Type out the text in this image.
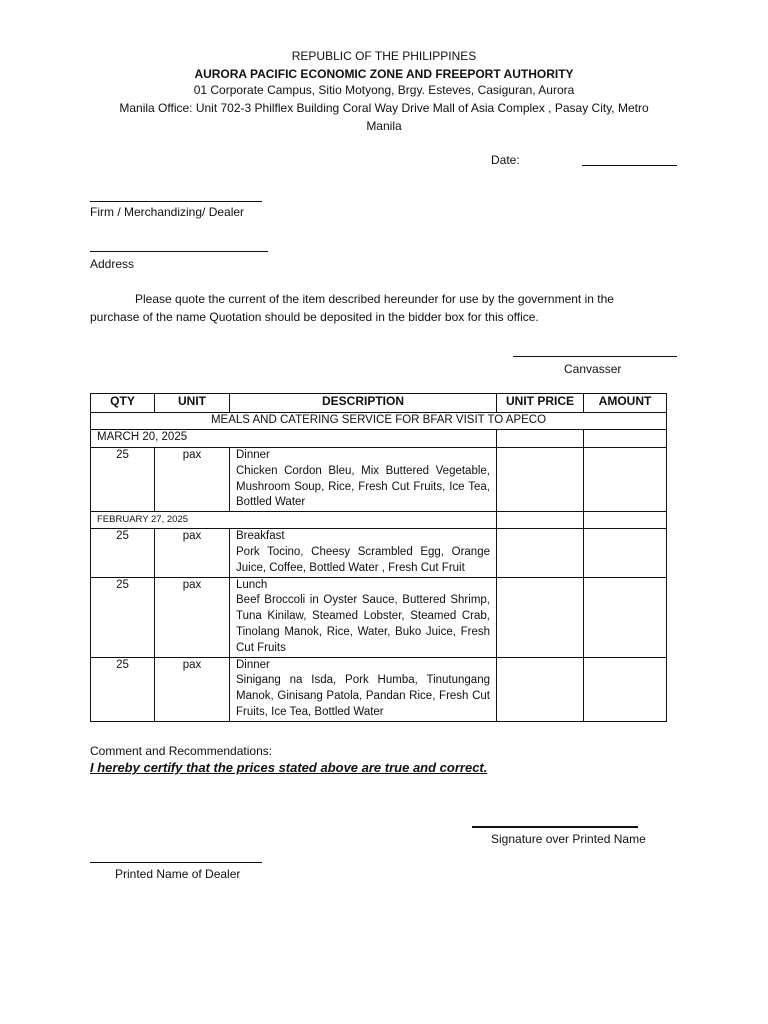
REPUBLIC OF THE PHILIPPINES
AURORA PACIFIC ECONOMIC ZONE AND FREEPORT AUTHORITY
01 Corporate Campus, Sitio Motyong, Brgy. Esteves, Casiguran, Aurora
Manila Office: Unit 702-3 Philflex Building Coral Way Drive Mall of Asia Complex , Pasay City, Metro
Manila
Date:
Firm / Merchandizing/ Dealer
Address
Please quote the current of the item described hereunder for use by the government in the
purchase of the name Quotation should be deposited in the bidder box for this office.
Canvasser
QTY	UNIT	DESCRIPTION	UNIT PRICE	AMOUNT
MEALS AND CATERING SERVICE FOR BFAR VISIT TO APECO				
MARCH 20, 2025				
25	pax	Dinner
Chicken Cordon Bleu, Mix Buttered Vegetable, Mushroom Soup, Rice, Fresh Cut Fruits, Ice Tea, Bottled Water		

FEBRUARY 27, 2025				
25	pax	Breakfast
Pork Tocino, Cheesy Scrambled Egg, Orange Juice, Coffee, Bottled Water , Fresh Cut Fruit		

25	pax	Lunch
Beef Broccoli in Oyster Sauce, Buttered Shrimp, Tuna Kinilaw, Steamed Lobster, Steamed Crab, Tinolang Manok, Rice, Water, Buko Juice, Fresh Cut Fruits		

25	pax	Dinner
Sinigang na Isda, Pork Humba, Tinutungang Manok, Ginisang Patola, Pandan Rice, Fresh Cut Fruits, Ice Tea, Bottled Water		

Comment and Recommendations:
I hereby certify that the prices stated above are true and correct.
Signature over Printed Name
Printed Name of Dealer
